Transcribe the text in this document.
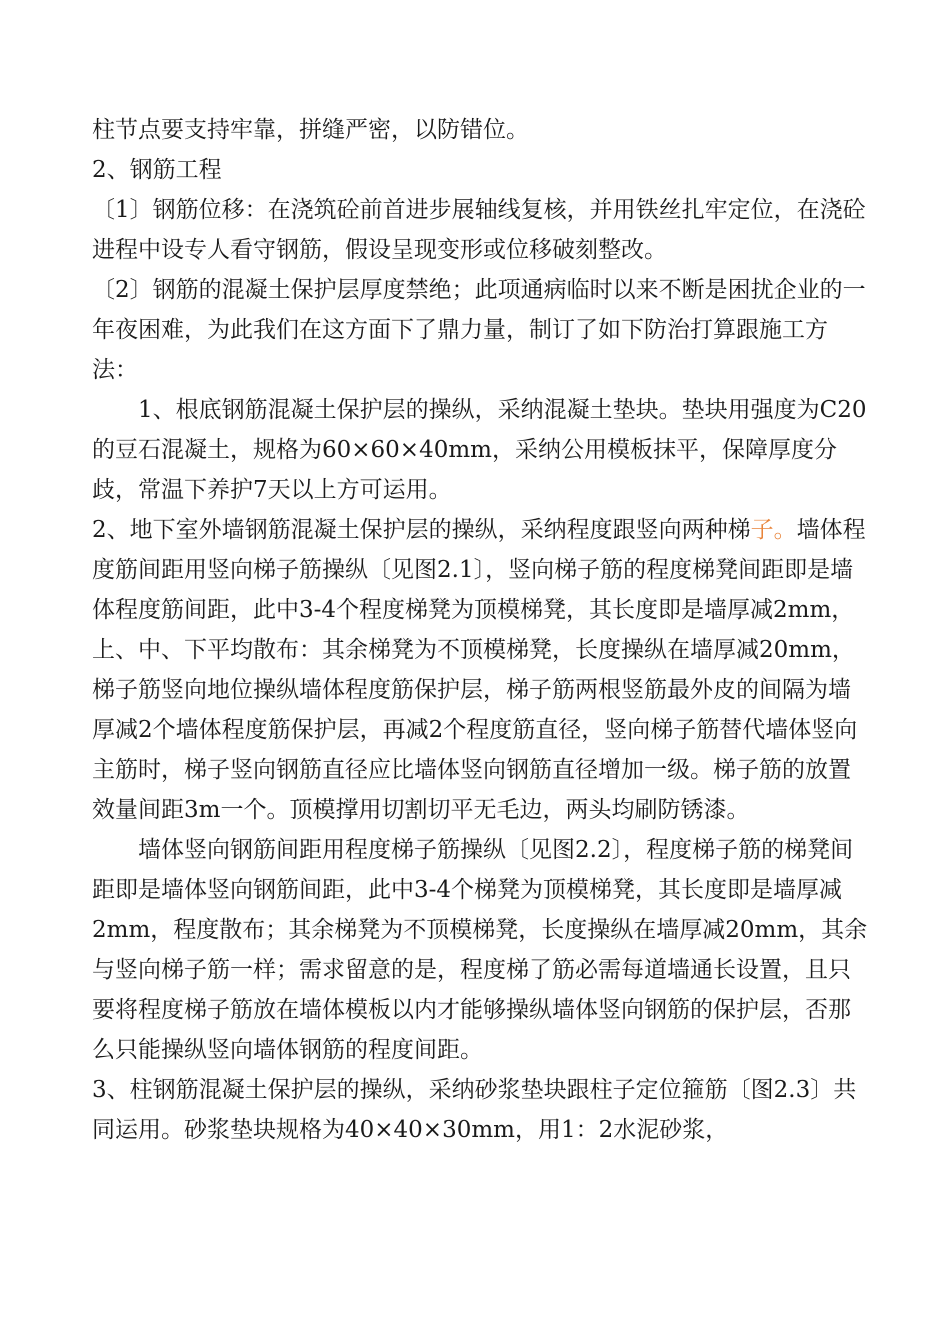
柱节点要支持牢靠，拼缝严密，以防错位。

2、钢筋工程

〔1〕钢筋位移：在浇筑砼前首进步展轴线复核，并用铁丝扎牢定位，在浇砼进程中设专人看守钢筋，假设呈现变形或位移破刻整改。

〔2〕钢筋的混凝土保护层厚度禁绝；此项通病临时以来不断是困扰企业的一年夜困难，为此我们在这方面下了鼎力量，制订了如下防治打算跟施工方法：

1、根底钢筋混凝土保护层的操纵，采纳混凝土垫块。垫块用强度为C20的豆石混凝土，规格为60×60×40mm，采纳公用模板抹平，保障厚度分歧，常温下养护7天以上方可运用。

2、地下室外墙钢筋混凝土保护层的操纵，采纳程度跟竖向两种梯子。墙体程度筋间距用竖向梯子筋操纵〔见图2.1〕，竖向梯子筋的程度梯凳间距即是墙体程度筋间距，此中3-4个程度梯凳为顶模梯凳，其长度即是墙厚减2mm，上、中、下平均散布：其余梯凳为不顶模梯凳，长度操纵在墙厚减20mm，梯子筋竖向地位操纵墙体程度筋保护层，梯子筋两根竖筋最外皮的间隔为墙厚减2个墙体程度筋保护层，再减2个程度筋直径，竖向梯子筋替代墙体竖向主筋时，梯子竖向钢筋直径应比墙体竖向钢筋直径增加一级。梯子筋的放置效量间距3m一个。顶模撑用切割切平无毛边，两头均刷防锈漆。

墙体竖向钢筋间距用程度梯子筋操纵〔见图2.2〕，程度梯子筋的梯凳间距即是墙体竖向钢筋间距，此中3-4个梯凳为顶模梯凳，其长度即是墙厚减2mm，程度散布；其余梯凳为不顶模梯凳，长度操纵在墙厚减20mm，其余与竖向梯子筋一样；需求留意的是，程度梯了筋必需每道墙通长设置，且只要将程度梯子筋放在墙体模板以内才能够操纵墙体竖向钢筋的保护层，否那么只能操纵竖向墙体钢筋的程度间距。

3、柱钢筋混凝土保护层的操纵，采纳砂浆垫块跟柱子定位箍筋〔图2.3〕共同运用。砂浆垫块规格为40×40×30mm，用1：2水泥砂浆，
